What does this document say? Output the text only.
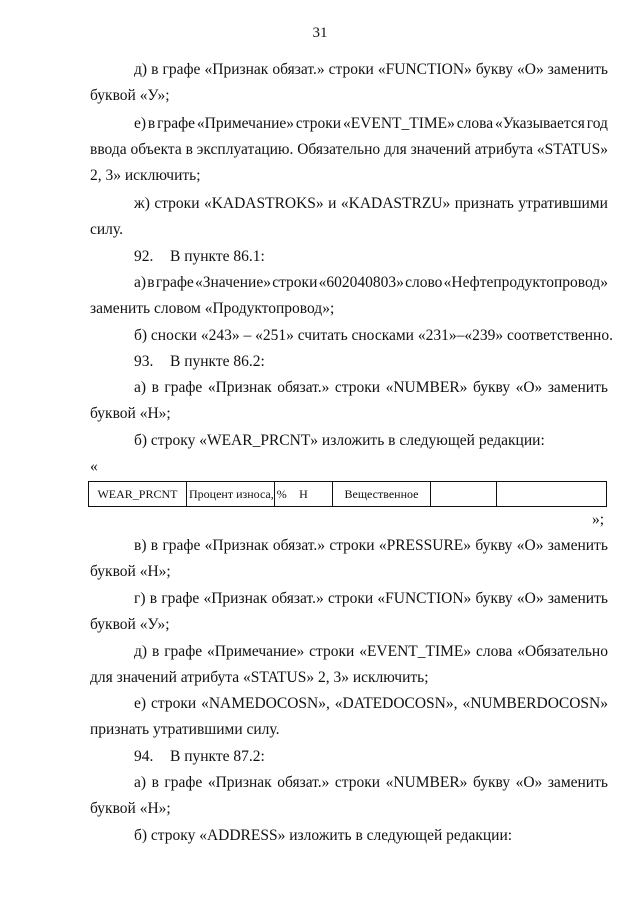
31
д) в графе «Признак обязат.» строки «FUNCTION» букву «О» заменить
буквой «У»;
е) в графе «Примечание» строки «EVENT_TIME» слова «Указывается год
ввода объекта в эксплуатацию. Обязательно для значений атрибута «STATUS»
2, 3» исключить;
ж) строки «KADASTROKS» и «KADASTRZU» признать утратившими
силу.
92. В пункте 86.1:
а) в графе «Значение» строки «602040803» слово «Нефтепродуктопровод»
заменить словом «Продуктопровод»;
б) сноски «243» – «251» считать сносками «231»–«239» соответственно.
93. В пункте 86.2:
а) в графе «Признак обязат.» строки «NUMBER» букву «О» заменить
буквой «Н»;
б) строку «WEAR_PRCNT» изложить в следующей редакции:
«
WEAR_PRCNT	Процент износа, %	Н	Вещественное		
»;
в) в графе «Признак обязат.» строки «PRESSURE» букву «О» заменить
буквой «Н»;
г) в графе «Признак обязат.» строки «FUNCTION» букву «О» заменить
буквой «У»;
д) в графе «Примечание» строки «EVENT_TIME» слова «Обязательно
для значений атрибута «STATUS» 2, 3» исключить;
е) строки «NAMEDOCOSN», «DATEDOCOSN», «NUMBERDOCOSN»
признать утратившими силу.
94. В пункте 87.2:
а) в графе «Признак обязат.» строки «NUMBER» букву «О» заменить
буквой «Н»;
б) строку «ADDRESS» изложить в следующей редакции:
